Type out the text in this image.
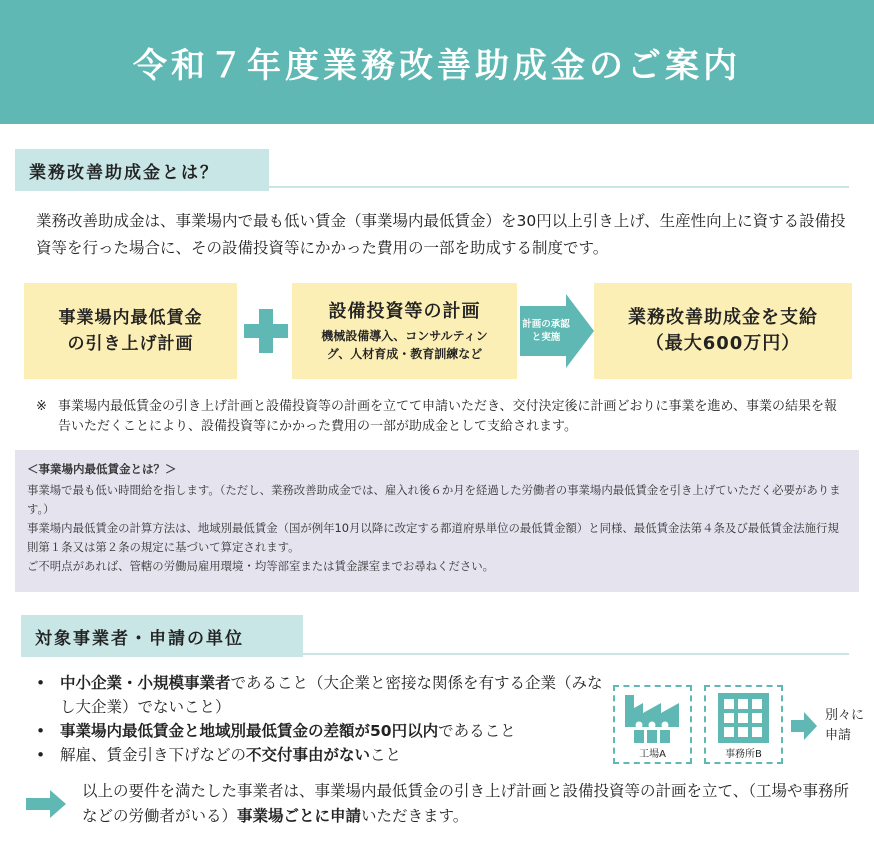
令和７年度業務改善助成金のご案内
業務改善助成金とは？
業務改善助成金は、事業場内で最も低い賃金（事業場内最低賃金）を30円以上引き上げ、生産性向上に資する設備投資等を行った場合に、その設備投資等にかかった費用の一部を助成する制度です。
事業場内最低賃金
の引き上げ計画
設備投資等の計画
機械設備導入、コンサルティン
グ、人材育成・教育訓練など
計画の承認
と実施
業務改善助成金を支給
（最大600万円）
※ 事業場内最低賃金の引き上げ計画と設備投資等の計画を立てて申請いただき、交付決定後に計画どおりに事業を進め、事業の結果を報告いただくことにより、設備投資等にかかった費用の一部が助成金として支給されます。
＜事業場内最低賃金とは？＞
事業場で最も低い時間給を指します。（ただし、業務改善助成金では、雇入れ後６か月を経過した労働者の事業場内最低賃金を引き上げていただく必要があります。）
事業場内最低賃金の計算方法は、地域別最低賃金（国が例年10月以降に改定する都道府県単位の最低賃金額）と同様、最低賃金法第４条及び最低賃金法施行規則第１条又は第２条の規定に基づいて算定されます。
ご不明点があれば、管轄の労働局雇用環境・均等部室または賃金課室までお尋ねください。
対象事業者・申請の単位
• 中小企業・小規模事業者であること（大企業と密接な関係を有する企業（みなし大企業）でないこと）
• 事業場内最低賃金と地域別最低賃金の差額が50円以内であること
• 解雇、賃金引き下げなどの不交付事由がないこと	工場A	事務所B
別々に
申請
以上の要件を満たした事業者は、事業場内最低賃金の引き上げ計画と設備投資等の計画を立て、（工場や事務所などの労働者がいる）事業場ごとに申請いただきます。
